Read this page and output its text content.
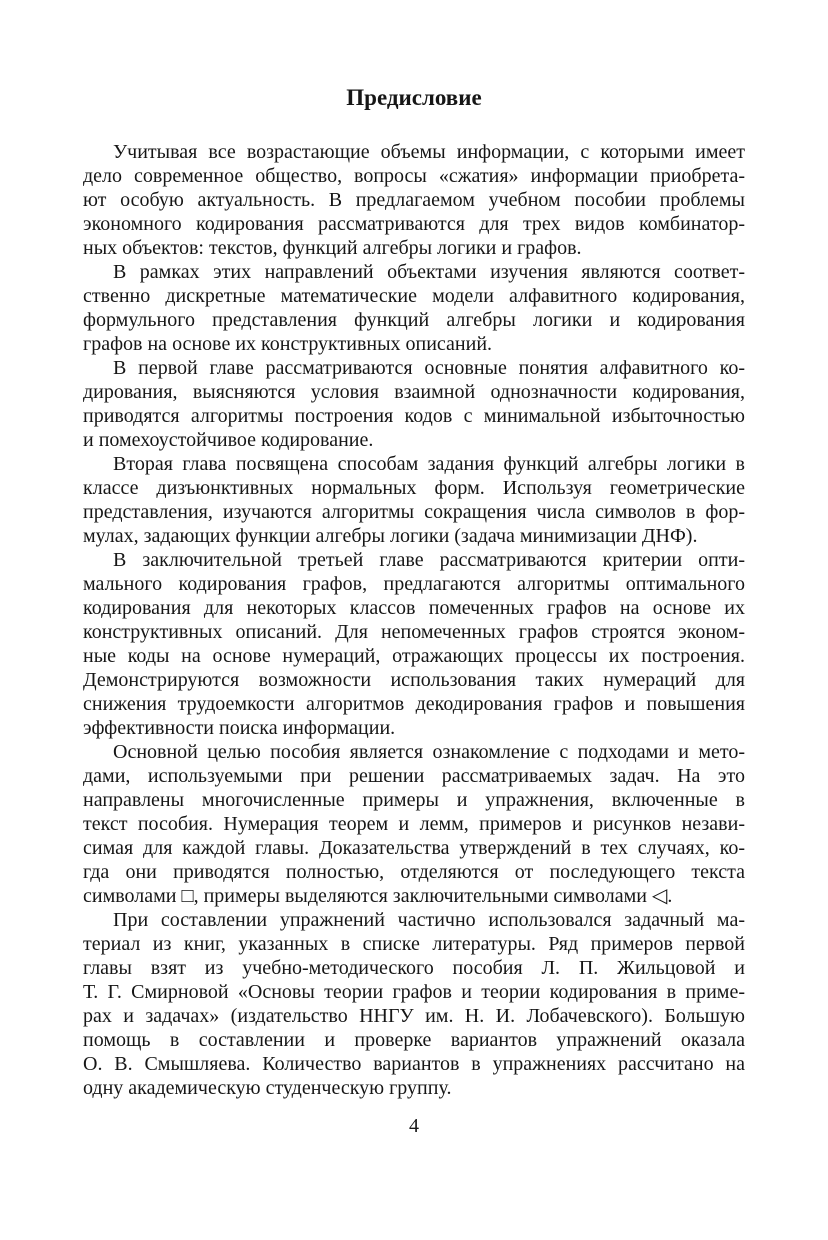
Предисловие
Учитывая все возрастающие объемы информации, с которыми имеет
дело современное общество, вопросы «сжатия» информации приобрета-
ют особую актуальность. В предлагаемом учебном пособии проблемы
экономного кодирования рассматриваются для трех видов комбинатор-
ных объектов: текстов, функций алгебры логики и графов.
В рамках этих направлений объектами изучения являются соответ-
ственно дискретные математические модели алфавитного кодирования,
формульного представления функций алгебры логики и кодирования
графов на основе их конструктивных описаний.
В первой главе рассматриваются основные понятия алфавитного ко-
дирования, выясняются условия взаимной однозначности кодирования,
приводятся алгоритмы построения кодов с минимальной избыточностью
и помехоустойчивое кодирование.
Вторая глава посвящена способам задания функций алгебры логики в
классе дизъюнктивных нормальных форм. Используя геометрические
представления, изучаются алгоритмы сокращения числа символов в фор-
мулах, задающих функции алгебры логики (задача минимизации ДНФ).
В заключительной третьей главе рассматриваются критерии опти-
мального кодирования графов, предлагаются алгоритмы оптимального
кодирования для некоторых классов помеченных графов на основе их
конструктивных описаний. Для непомеченных графов строятся эконом-
ные коды на основе нумераций, отражающих процессы их построения.
Демонстрируются возможности использования таких нумераций для
снижения трудоемкости алгоритмов декодирования графов и повышения
эффективности поиска информации.
Основной целью пособия является ознакомление с подходами и мето-
дами, используемыми при решении рассматриваемых задач. На это
направлены многочисленные примеры и упражнения, включенные в
текст пособия. Нумерация теорем и лемм, примеров и рисунков незави-
симая для каждой главы. Доказательства утверждений в тех случаях, ко-
гда они приводятся полностью, отделяются от последующего текста
символами □, примеры выделяются заключительными символами ◁.
При составлении упражнений частично использовался задачный ма-
териал из книг, указанных в списке литературы. Ряд примеров первой
главы взят из учебно-методического пособия Л. П. Жильцовой и
Т. Г. Смирновой «Основы теории графов и теории кодирования в приме-
рах и задачах» (издательство ННГУ им. Н. И. Лобачевского). Большую
помощь в составлении и проверке вариантов упражнений оказала
О. В. Смышляева. Количество вариантов в упражнениях рассчитано на
одну академическую студенческую группу.
4
